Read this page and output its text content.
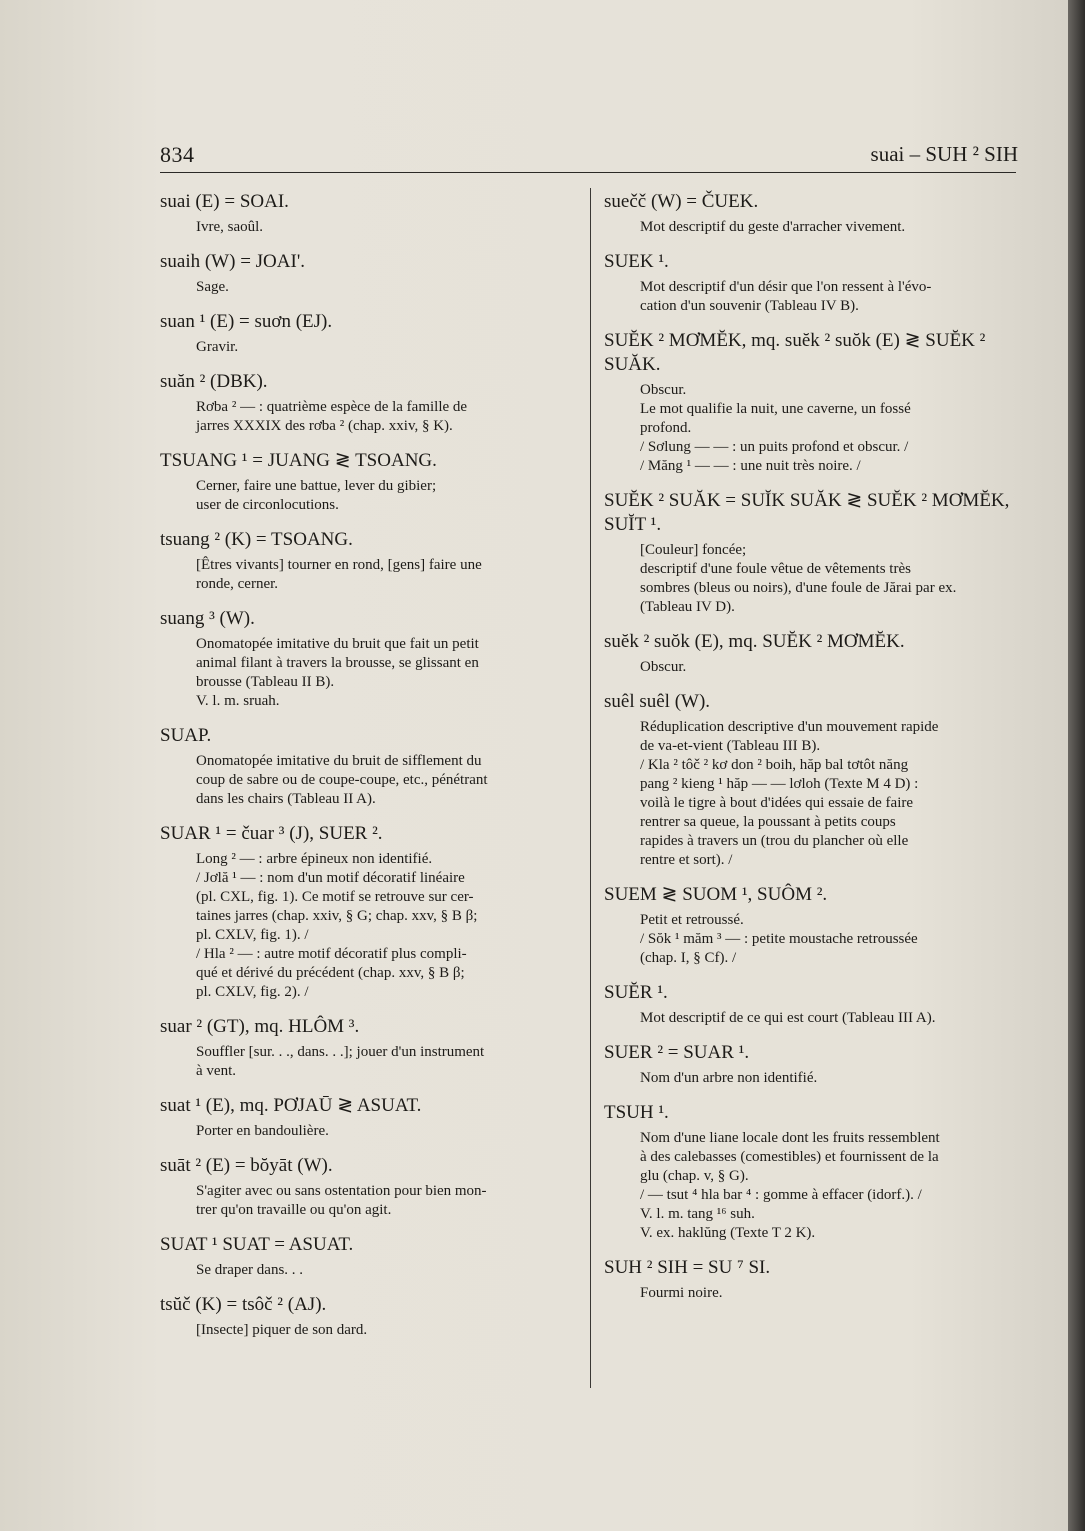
834	suai – SUH ² SIH
suai (E) = SOAI.
Ivre, saoûl.
suaih (W) = JOAI'.
Sage.
suan ¹ (E) = suơn (EJ).
Gravir.
suăn ² (DBK).
Rơba ² — : quatrième espèce de la famille de
jarres XXXIX des rơba ² (chap. xxiv, § K).
TSUANG ¹ = JUANG ≷ TSOANG.
Cerner, faire une battue, lever du gibier;
user de circonlocutions.
tsuang ² (K) = TSOANG.
[Êtres vivants] tourner en rond, [gens] faire une
ronde, cerner.
suang ³ (W).
Onomatopée imitative du bruit que fait un petit
animal filant à travers la brousse, se glissant en
brousse (Tableau II B).
V. l. m. sruah.
SUAP.
Onomatopée imitative du bruit de sifflement du
coup de sabre ou de coupe-coupe, etc., pénétrant
dans les chairs (Tableau II A).
SUAR ¹ = čuar ³ (J), SUER ².
Long ² — : arbre épineux non identifié.
/ Jơlă ¹ — : nom d'un motif décoratif linéaire
(pl. CXL, fig. 1). Ce motif se retrouve sur cer-
taines jarres (chap. xxiv, § G; chap. xxv, § B β;
pl. CXLV, fig. 1). /
/ Hla ² — : autre motif décoratif plus compli-
qué et dérivé du précédent (chap. xxv, § B β;
pl. CXLV, fig. 2). /
suar ² (GT), mq. HLÔM ³.
Souffler [sur. . ., dans. . .]; jouer d'un instrument
à vent.
suat ¹ (E), mq. PƠJAŪ ≷ ASUAT.
Porter en bandoulière.
suāt ² (E) = bŏyāt (W).
S'agiter avec ou sans ostentation pour bien mon-
trer qu'on travaille ou qu'on agit.
SUAT ¹ SUAT = ASUAT.
Se draper dans. . .
tsŭč (K) = tsôč ² (AJ).
[Insecte] piquer de son dard.
suečč (W) = ČUEK.
Mot descriptif du geste d'arracher vivement.
SUEK ¹.
Mot descriptif d'un désir que l'on ressent à l'évo-
cation d'un souvenir (Tableau IV B).
SUĔK ² MƠMĔK, mq. suĕk ² suŏk (E) ≷ SUĔK ² SUĂK.
Obscur.
Le mot qualifie la nuit, une caverne, un fossé
profond.
/ Sơlung — — : un puits profond et obscur. /
/ Măng ¹ — — : une nuit très noire. /
SUĔK ² SUĂK = SUĬK SUĂK ≷ SUĔK ² MƠMĔK, SUĬT ¹.
[Couleur] foncée;
descriptif d'une foule vêtue de vêtements très
sombres (bleus ou noirs), d'une foule de Jărai par ex.
(Tableau IV D).
suĕk ² suŏk (E), mq. SUĔK ² MƠMĔK.
Obscur.
suêl suêl (W).
Réduplication descriptive d'un mouvement rapide
de va-et-vient (Tableau III B).
/ Kla ² tôč ² kơ don ² boih, hăp bal tơtôt năng
pang ² kieng ¹ hăp — — lơloh (Texte M 4 D) :
voilà le tigre à bout d'idées qui essaie de faire
rentrer sa queue, la poussant à petits coups
rapides à travers un (trou du plancher où elle
rentre et sort). /
SUEM ≷ SUOM ¹, SUÔM ².
Petit et retroussé.
/ Sŏk ¹ măm ³ — : petite moustache retroussée
(chap. I, § Cf). /
SUĔR ¹.
Mot descriptif de ce qui est court (Tableau III A).
SUER ² = SUAR ¹.
Nom d'un arbre non identifié.
TSUH ¹.
Nom d'une liane locale dont les fruits ressemblent
à des calebasses (comestibles) et fournissent de la
glu (chap. v, § G).
/ — tsut ⁴ hla bar ⁴ : gomme à effacer (idorf.). /
V. l. m. tang ¹⁶ suh.
V. ex. haklŭng (Texte T 2 K).
SUH ² SIH = SU ⁷ SI.
Fourmi noire.
